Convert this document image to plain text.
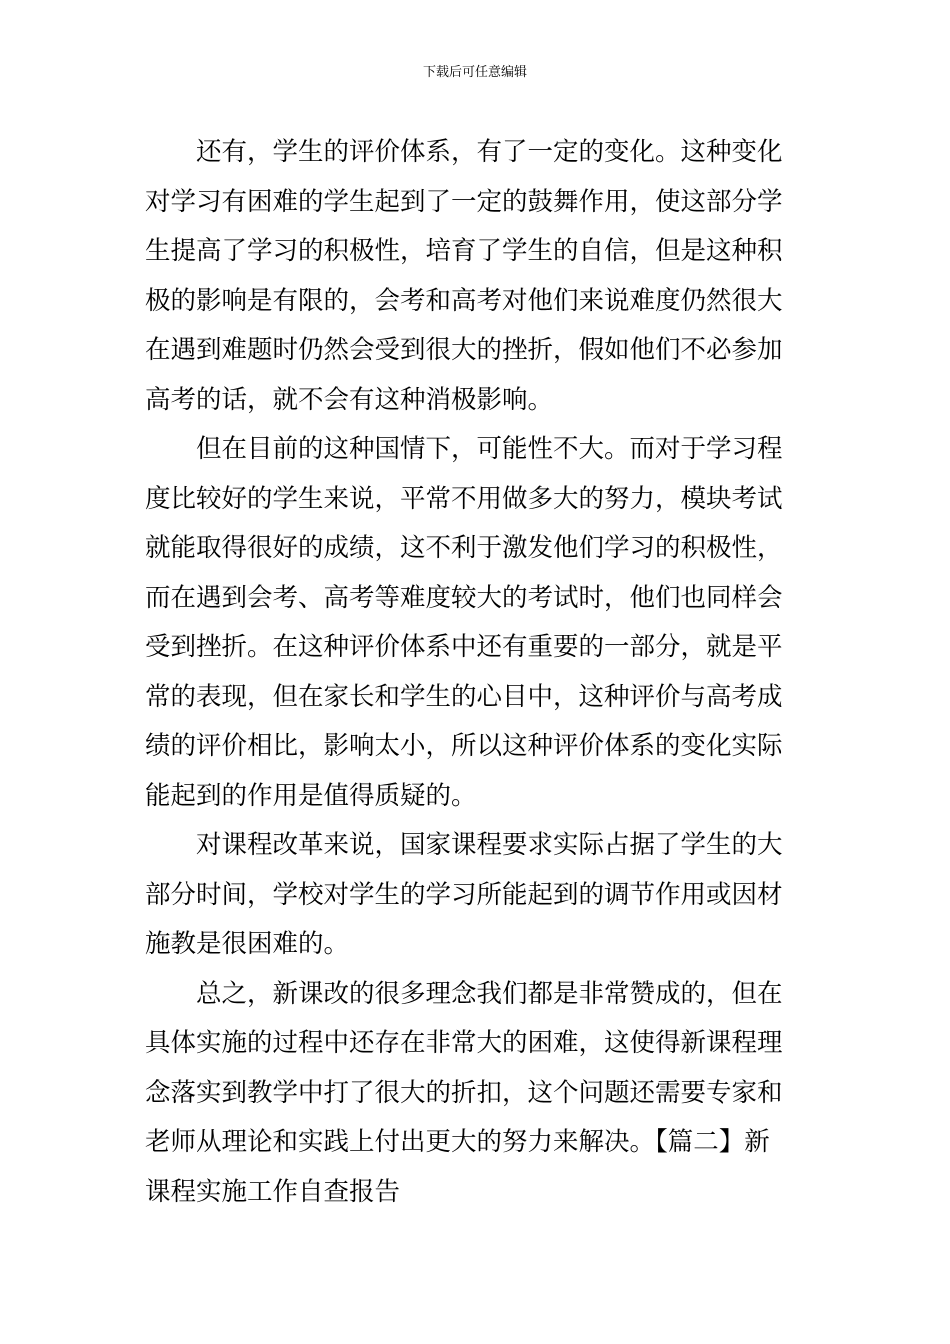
下载后可任意编辑
还有，学生的评价体系，有了一定的变化。这种变化
对学习有困难的学生起到了一定的鼓舞作用，使这部分学
生提高了学习的积极性，培育了学生的自信，但是这种积
极的影响是有限的，会考和高考对他们来说难度仍然很大
在遇到难题时仍然会受到很大的挫折，假如他们不必参加
高考的话，就不会有这种消极影响。
但在目前的这种国情下，可能性不大。而对于学习程
度比较好的学生来说，平常不用做多大的努力，模块考试
就能取得很好的成绩，这不利于激发他们学习的积极性，
而在遇到会考、高考等难度较大的考试时，他们也同样会
受到挫折。在这种评价体系中还有重要的一部分，就是平
常的表现，但在家长和学生的心目中，这种评价与高考成
绩的评价相比，影响太小，所以这种评价体系的变化实际
能起到的作用是值得质疑的。
对课程改革来说，国家课程要求实际占据了学生的大
部分时间，学校对学生的学习所能起到的调节作用或因材
施教是很困难的。
总之，新课改的很多理念我们都是非常赞成的，但在
具体实施的过程中还存在非常大的困难，这使得新课程理
念落实到教学中打了很大的折扣，这个问题还需要专家和
老师从理论和实践上付出更大的努力来解决。【篇二】新
课程实施工作自查报告
